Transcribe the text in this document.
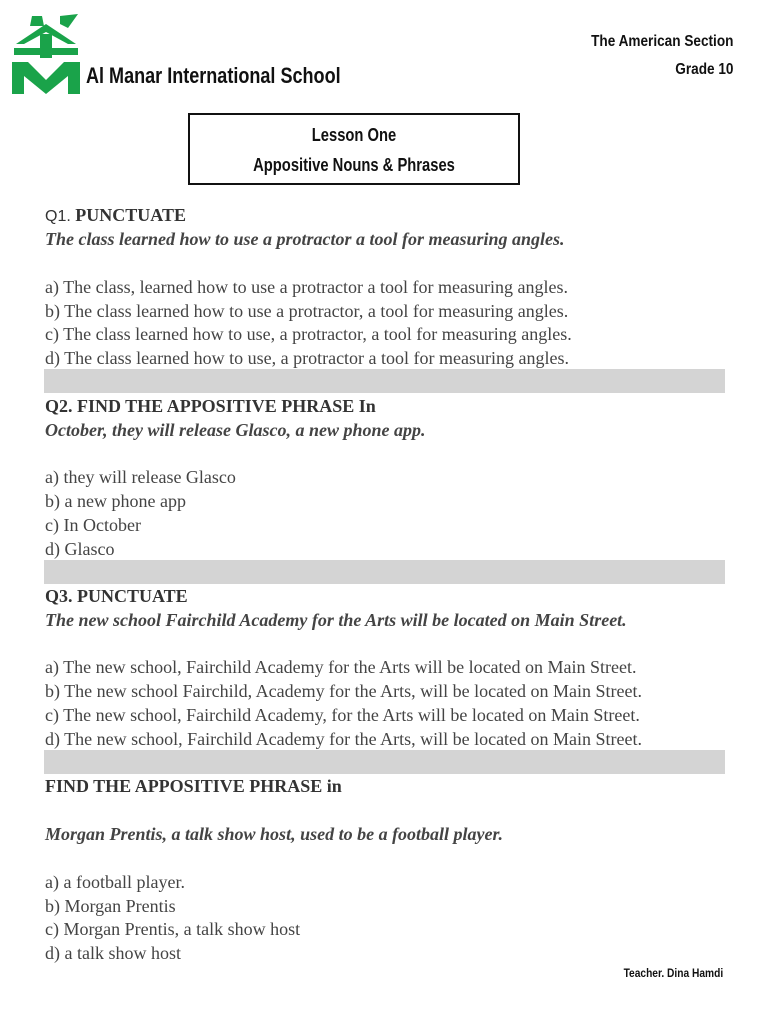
Al Manar International School
The American Section
Grade 10
Lesson One
Appositive Nouns & Phrases
Q1. PUNCTUATE
The class learned how to use a protractor a tool for measuring angles.
a) The class, learned how to use a protractor a tool for measuring angles.
b) The class learned how to use a protractor, a tool for measuring angles.
c) The class learned how to use, a protractor, a tool for measuring angles.
d) The class learned how to use, a protractor a tool for measuring angles.
Q2. FIND THE APPOSITIVE PHRASE In
October, they will release Glasco, a new phone app.
a) they will release Glasco
b) a new phone app
c) In October
d) Glasco
Q3. PUNCTUATE
The new school Fairchild Academy for the Arts will be located on Main Street.
a) The new school, Fairchild Academy for the Arts will be located on Main Street.
b) The new school Fairchild, Academy for the Arts, will be located on Main Street.
c) The new school, Fairchild Academy, for the Arts will be located on Main Street.
d) The new school, Fairchild Academy for the Arts, will be located on Main Street.
FIND THE APPOSITIVE PHRASE in
Morgan Prentis, a talk show host, used to be a football player.
a) a football player.
b) Morgan Prentis
c) Morgan Prentis, a talk show host
d) a talk show host
Teacher. Dina Hamdi
